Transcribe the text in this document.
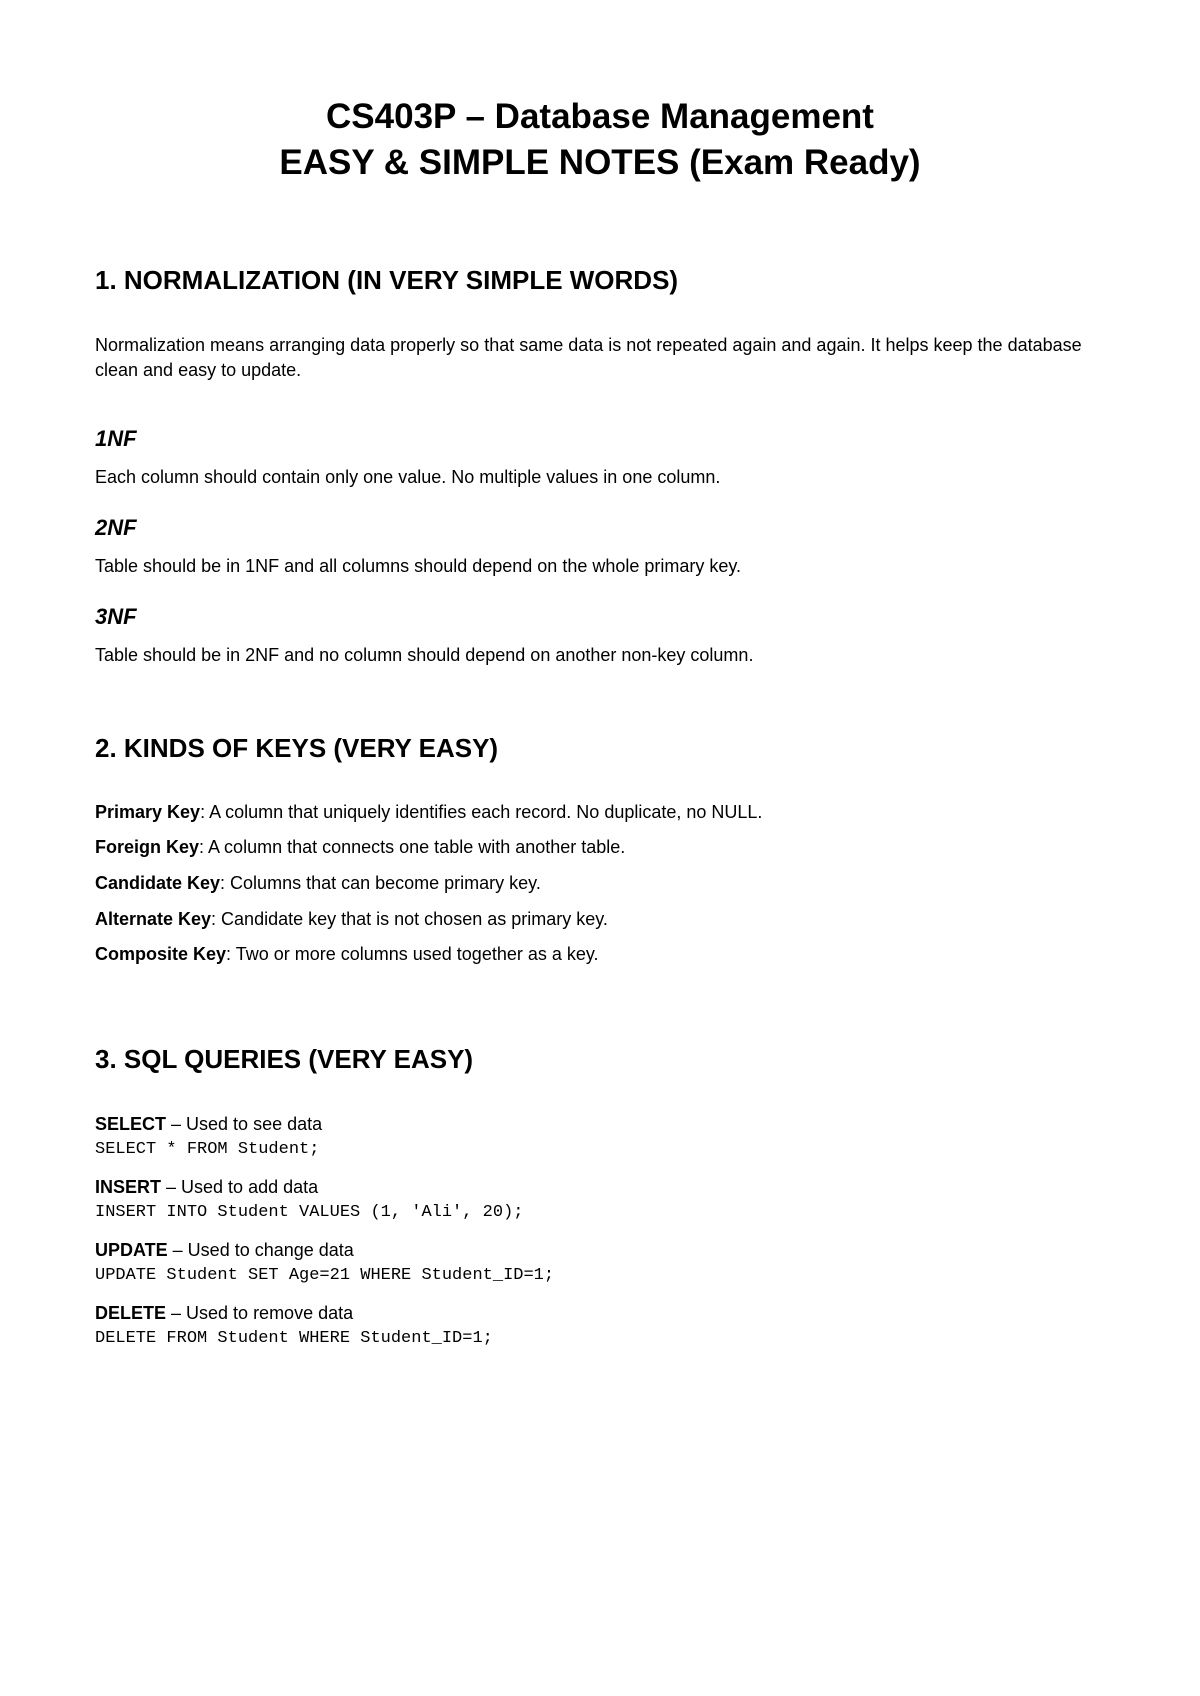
CS403P – Database Management
EASY & SIMPLE NOTES (Exam Ready)
1. NORMALIZATION (IN VERY SIMPLE WORDS)

Normalization means arranging data properly so that same data is not repeated again and again. It helps keep the database clean and easy to update.

1NF

Each column should contain only one value. No multiple values in one column.

2NF

Table should be in 1NF and all columns should depend on the whole primary key.

3NF

Table should be in 2NF and no column should depend on another non-key column.

2. KINDS OF KEYS (VERY EASY)

Primary Key: A column that uniquely identifies each record. No duplicate, no NULL.

Foreign Key: A column that connects one table with another table.

Candidate Key: Columns that can become primary key.

Alternate Key: Candidate key that is not chosen as primary key.

Composite Key: Two or more columns used together as a key.

3. SQL QUERIES (VERY EASY)

SELECT – Used to see data

SELECT * FROM Student;

INSERT – Used to add data

INSERT INTO Student VALUES (1, 'Ali', 20);

UPDATE – Used to change data

UPDATE Student SET Age=21 WHERE Student_ID=1;

DELETE – Used to remove data

DELETE FROM Student WHERE Student_ID=1;
